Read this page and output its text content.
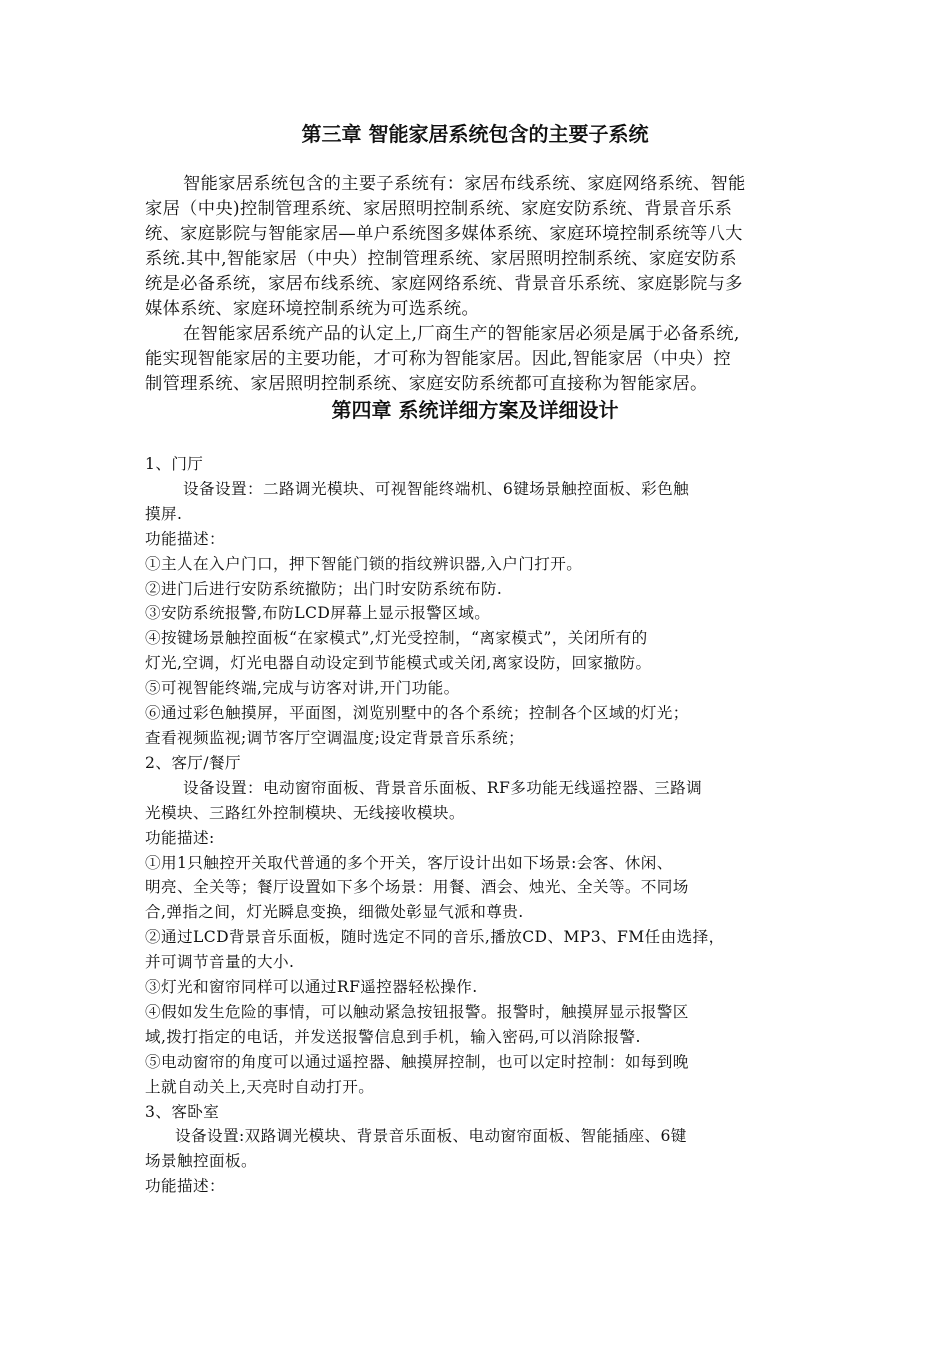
第三章 智能家居系统包含的主要子系统

智能家居系统包含的主要子系统有：家居布线系统、家庭网络系统、智能

家居（中央)控制管理系统、家居照明控制系统、家庭安防系统、背景音乐系

统、家庭影院与智能家居—单户系统图多媒体系统、家庭环境控制系统等八大

系统.其中,智能家居（中央）控制管理系统、家居照明控制系统、家庭安防系

统是必备系统，家居布线系统、家庭网络系统、背景音乐系统、家庭影院与多

媒体系统、家庭环境控制系统为可选系统。

在智能家居系统产品的认定上,厂商生产的智能家居必须是属于必备系统,

能实现智能家居的主要功能，才可称为智能家居。因此,智能家居（中央）控

制管理系统、家居照明控制系统、家庭安防系统都可直接称为智能家居。

第四章 系统详细方案及详细设计

1、门厅

设备设置：二路调光模块、可视智能终端机、6键场景触控面板、彩色触

摸屏.

功能描述：

①主人在入户门口，押下智能门锁的指纹辨识器,入户门打开。

②进门后进行安防系统撤防；出门时安防系统布防.

③安防系统报警,布防LCD屏幕上显示报警区域。

④按键场景触控面板“在家模式”,灯光受控制，“离家模式”，关闭所有的

灯光,空调，灯光电器自动设定到节能模式或关闭,离家设防，回家撤防。

⑤可视智能终端,完成与访客对讲,开门功能。

⑥通过彩色触摸屏，平面图，浏览别墅中的各个系统；控制各个区域的灯光；

查看视频监视;调节客厅空调温度;设定背景音乐系统；

2、客厅/餐厅

设备设置：电动窗帘面板、背景音乐面板、RF多功能无线遥控器、三路调

光模块、三路红外控制模块、无线接收模块。

功能描述:

①用1只触控开关取代普通的多个开关，客厅设计出如下场景:会客、休闲、

明亮、全关等；餐厅设置如下多个场景：用餐、酒会、烛光、全关等。不同场

合,弹指之间，灯光瞬息变换，细微处彰显气派和尊贵.

②通过LCD背景音乐面板，随时选定不同的音乐,播放CD、MP3、FM任由选择，

并可调节音量的大小.

③灯光和窗帘同样可以通过RF遥控器轻松操作.

④假如发生危险的事情，可以触动紧急按钮报警。报警时，触摸屏显示报警区

域,拨打指定的电话，并发送报警信息到手机，输入密码,可以消除报警.

⑤电动窗帘的角度可以通过遥控器、触摸屏控制，也可以定时控制：如每到晚

上就自动关上,天亮时自动打开。

3、客卧室

设备设置:双路调光模块、背景音乐面板、电动窗帘面板、智能插座、6键

场景触控面板。

功能描述：
